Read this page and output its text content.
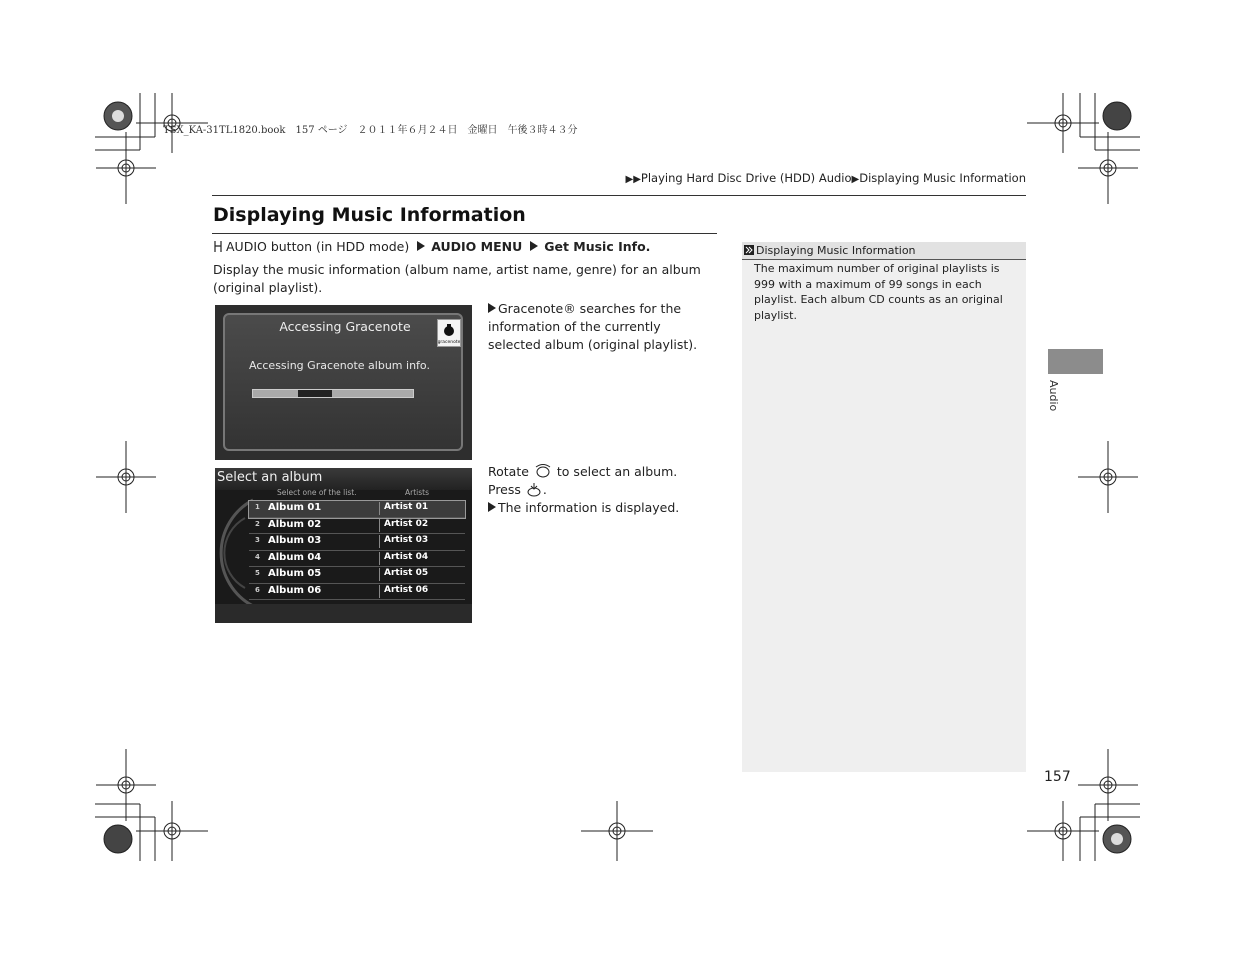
TSX_KA-31TL1820.book　157 ページ　２０１１年６月２４日　金曜日　午後３時４３分
▶▶Playing Hard Disc Drive (HDD) Audio▶Displaying Music Information
Displaying Music Information
AUDIO button (in HDD mode) AUDIO MENU Get Music Info.
Display the music information (album name, artist name, genre) for an album (original playlist).
Accessing Gracenote
gracenote
Accessing Gracenote album info.
Gracenote® searches for the information of the currently selected album (original playlist).
Select an album
Select one of the list.	Artists
1 Album 01	Artist 01
2 Album 02	Artist 02
3 Album 03	Artist 03
4 Album 04	Artist 04
5 Album 05	Artist 05
6 Album 06	Artist 06
Rotate to select an album. Press .
The information is displayed.
Displaying Music Information
The maximum number of original playlists is 999 with a maximum of 99 songs in each playlist. Each album CD counts as an original playlist.
Audio
157
